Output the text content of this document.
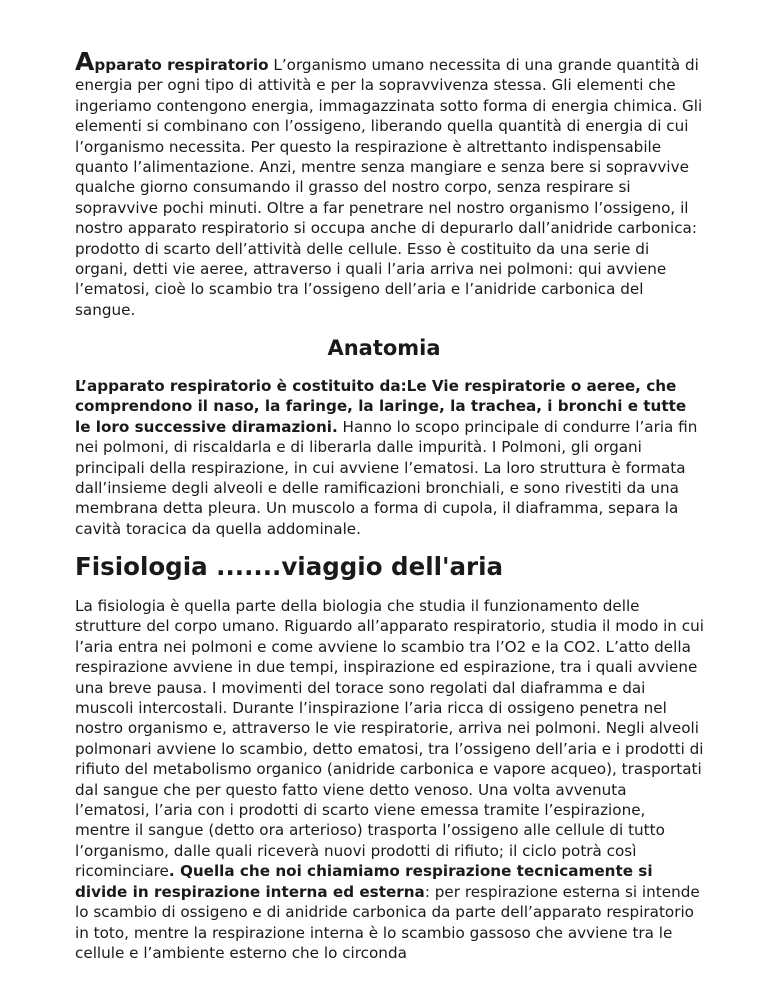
Apparato respiratorio L’organismo umano necessita di una grande quantità di energia per ogni tipo di attività e per la sopravvivenza stessa. Gli elementi che ingeriamo contengono energia, immagazzinata sotto forma di energia chimica. Gli elementi si combinano con l’ossigeno, liberando quella quantità di energia di cui l’organismo necessita. Per questo la respirazione è altrettanto indispensabile quanto l’alimentazione. Anzi, mentre senza mangiare e senza bere si sopravvive qualche giorno consumando il grasso del nostro corpo, senza respirare si sopravvive pochi minuti. Oltre a far penetrare nel nostro organismo l’ossigeno, il nostro apparato respiratorio si occupa anche di depurarlo dall’anidride carbonica: prodotto di scarto dell’attività delle cellule. Esso è costituito da una serie di organi, detti vie aeree, attraverso i quali l’aria arriva nei polmoni: qui avviene l’ematosi, cioè lo scambio tra l’ossigeno dell’aria e l’anidride carbonica del sangue.

Anatomia

L’apparato respiratorio è costituito da:Le Vie respiratorie o aeree, che comprendono il naso, la faringe, la laringe, la trachea, i bronchi e tutte le loro successive diramazioni. Hanno lo scopo principale di condurre l’aria fin nei polmoni, di riscaldarla e di liberarla dalle impurità. I Polmoni, gli organi principali della respirazione, in cui avviene l’ematosi. La loro struttura è formata dall’insieme degli alveoli e delle ramificazioni bronchiali, e sono rivestiti da una membrana detta pleura. Un muscolo a forma di cupola, il diaframma, separa la cavità toracica da quella addominale.

Fisiologia .......viaggio dell'aria

La fisiologia è quella parte della biologia che studia il funzionamento delle strutture del corpo umano. Riguardo all’apparato respiratorio, studia il modo in cui l’aria entra nei polmoni e come avviene lo scambio tra l’O2 e la CO2. L’atto della respirazione avviene in due tempi, inspirazione ed espirazione, tra i quali avviene una breve pausa. I movimenti del torace sono regolati dal diaframma e dai muscoli intercostali. Durante l’inspirazione l’aria ricca di ossigeno penetra nel nostro organismo e, attraverso le vie respiratorie, arriva nei polmoni. Negli alveoli polmonari avviene lo scambio, detto ematosi, tra l’ossigeno dell’aria e i prodotti di rifiuto del metabolismo organico (anidride carbonica e vapore acqueo), trasportati dal sangue che per questo fatto viene detto venoso. Una volta avvenuta l’ematosi, l’aria con i prodotti di scarto viene emessa tramite l’espirazione, mentre il sangue (detto ora arterioso) trasporta l’ossigeno alle cellule di tutto l’organismo, dalle quali riceverà nuovi prodotti di rifiuto; il ciclo potrà così ricominciare. Quella che noi chiamiamo respirazione tecnicamente si divide in respirazione interna ed esterna: per respirazione esterna si intende lo scambio di ossigeno e di anidride carbonica da parte dell’apparato respiratorio in toto, mentre la respirazione interna è lo scambio gassoso che avviene tra le cellule e l’ambiente esterno che lo circonda
